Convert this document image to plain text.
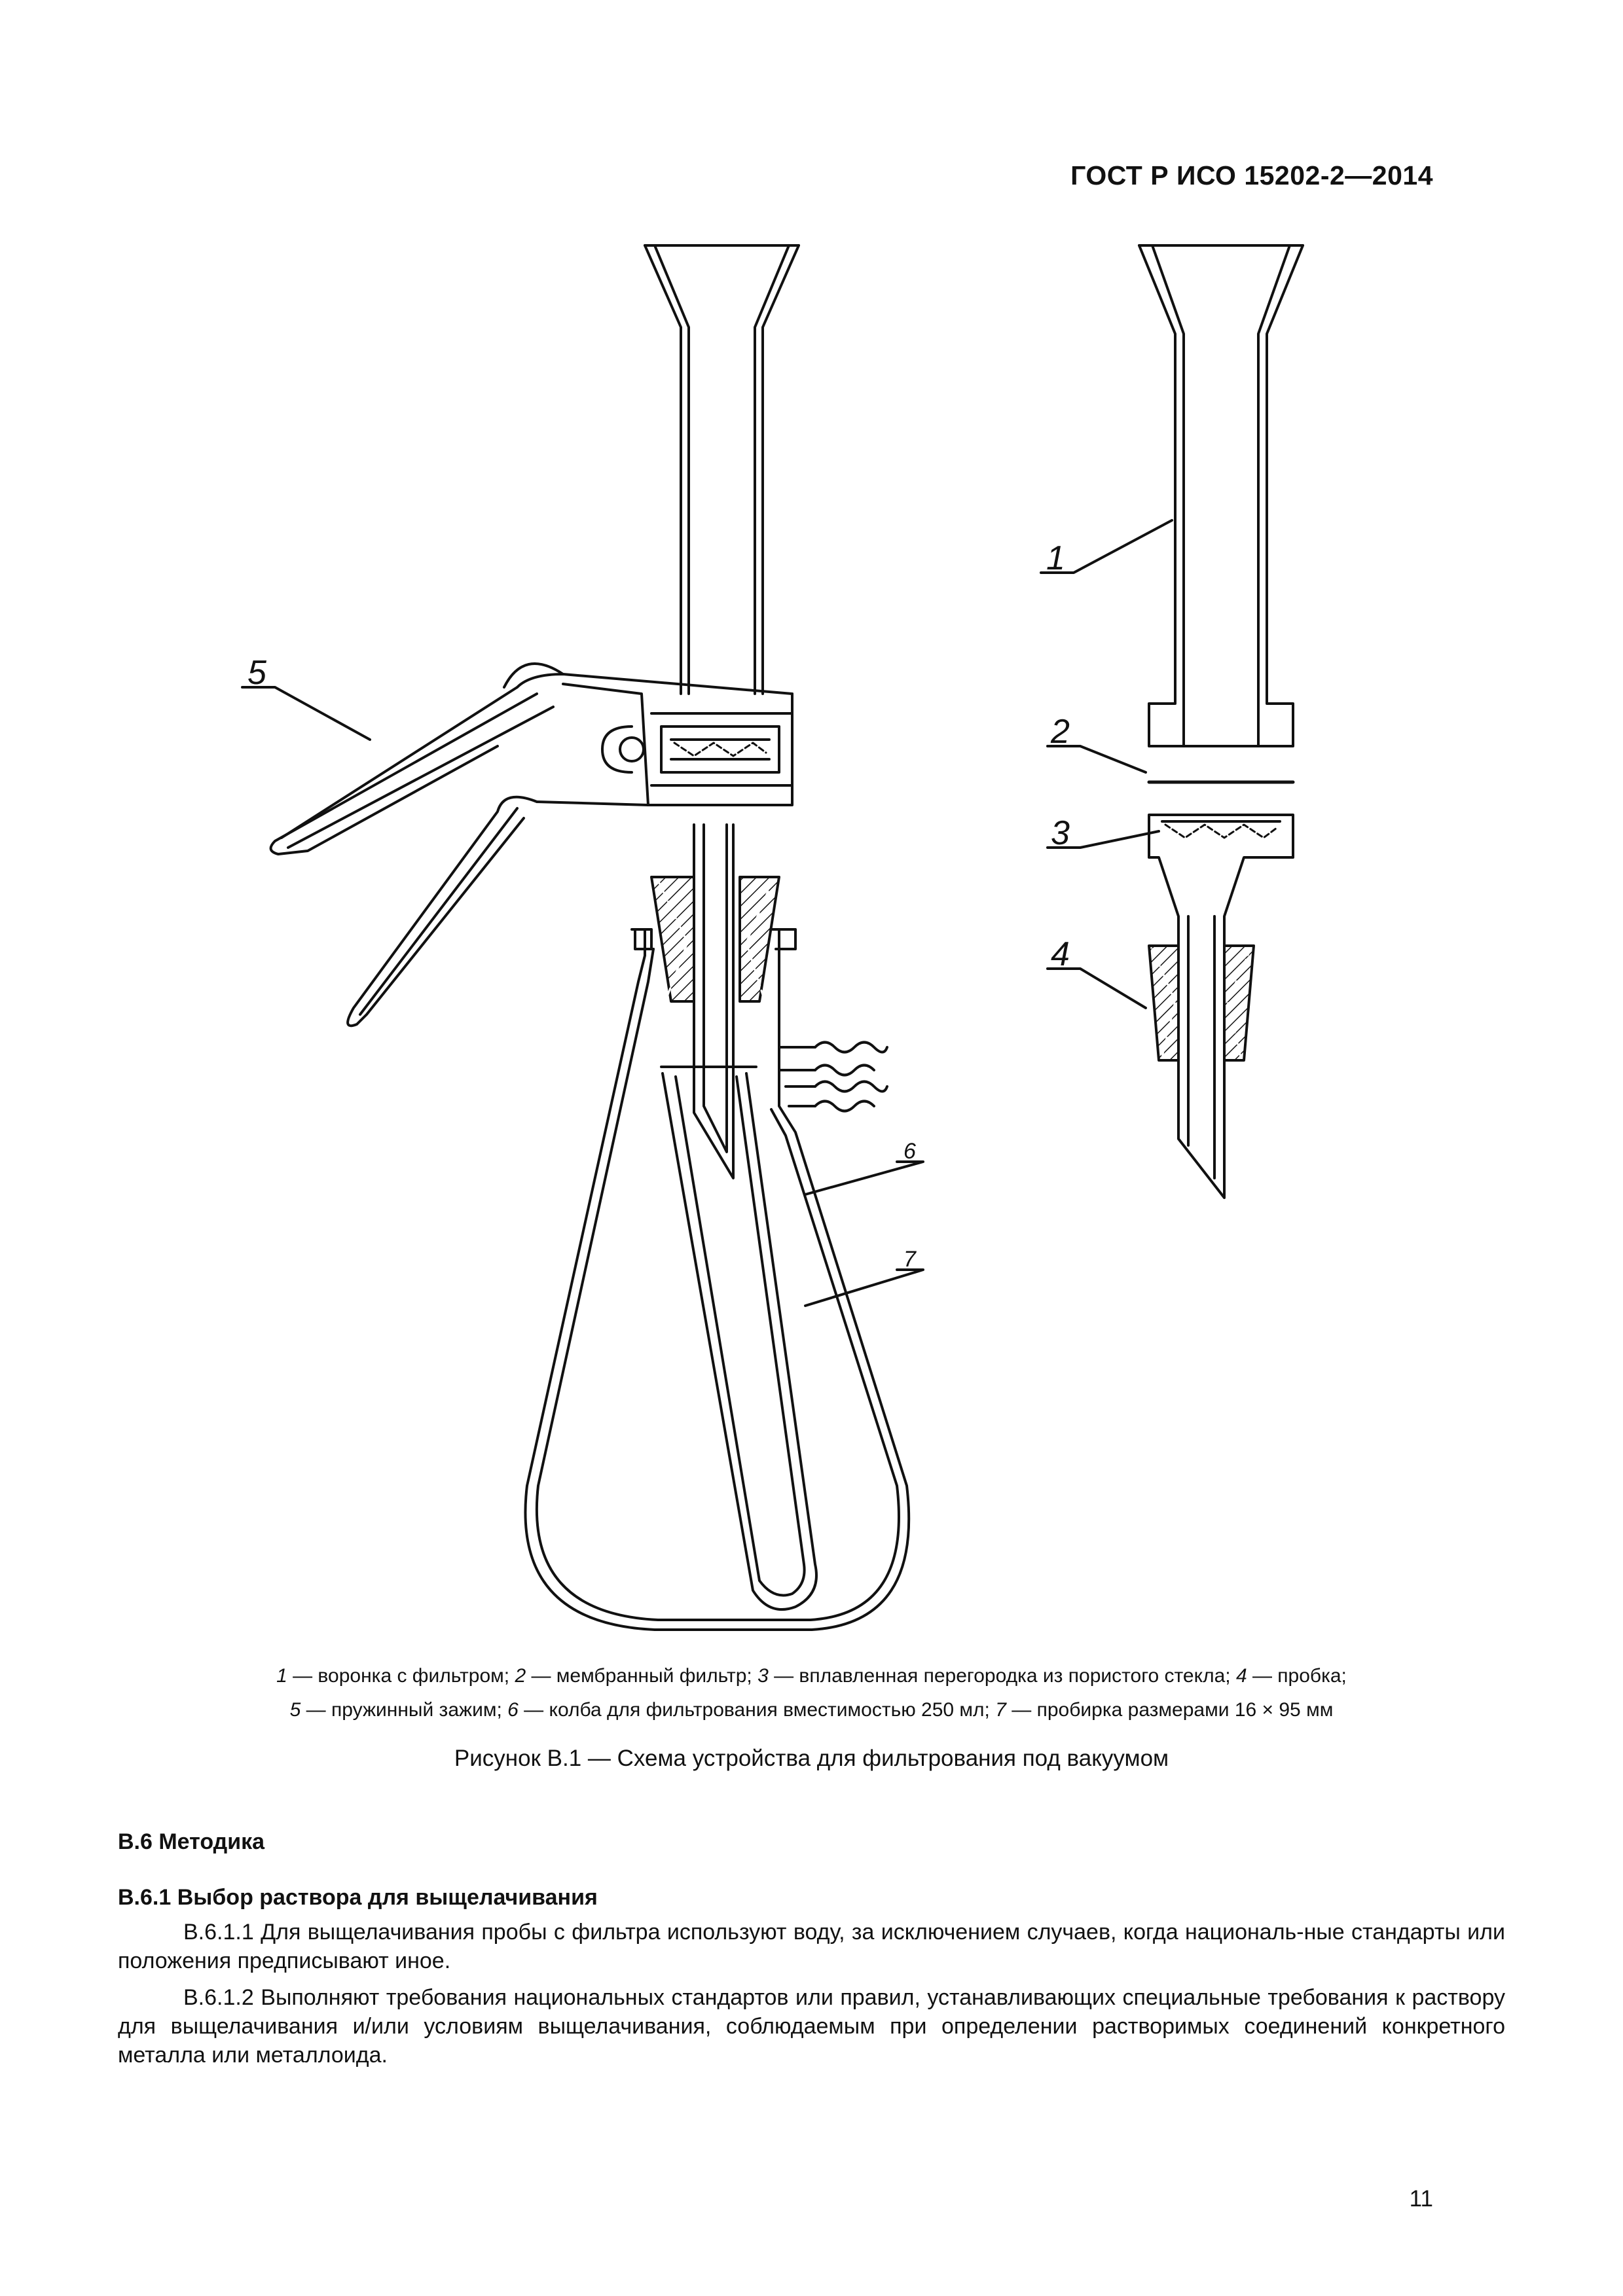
ГОСТ Р ИСО 15202-2—2014
1
2
3
4
5
6
7
1 — воронка с фильтром; 2 — мембранный фильтр; 3 — вплавленная перегородка из пористого стекла; 4 — пробка;
5 — пружинный зажим; 6 — колба для фильтрования вместимостью 250 мл; 7 — пробирка размерами 16 × 95 мм
Рисунок В.1 — Схема устройства для фильтрования под вакуумом
В.6 Методика
В.6.1 Выбор раствора для выщелачивания
В.6.1.1 Для выщелачивания пробы с фильтра используют воду, за исключением случаев, когда националь-ные стандарты или положения предписывают иное.
В.6.1.2 Выполняют требования национальных стандартов или правил, устанавливающих специальные требования к раствору для выщелачивания и/или условиям выщелачивания, соблюдаемым при определении растворимых соединений конкретного металла или металлоида.
11
